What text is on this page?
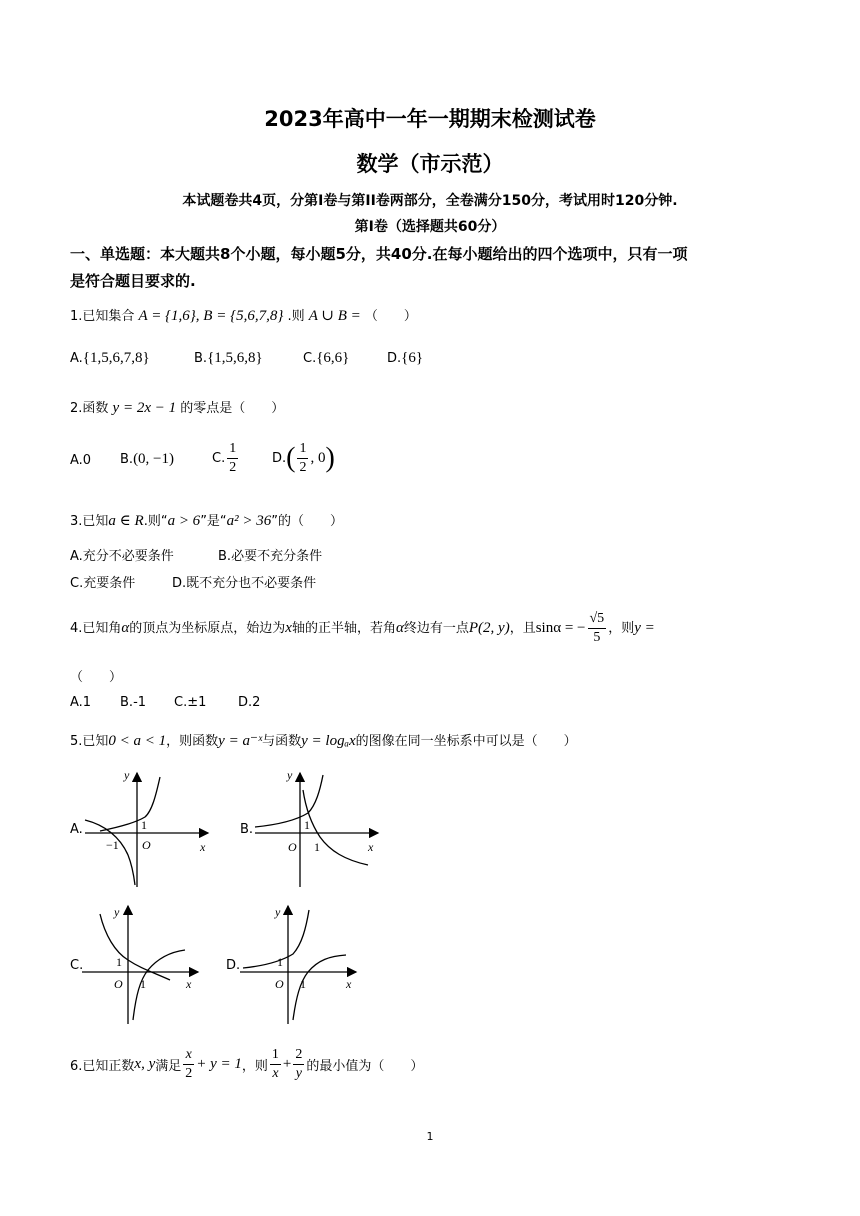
2023年高中一年一期期末检测试卷
数学（市示范）
本试题卷共4页，分第I卷与第II卷两部分，全卷满分150分，考试用时120分钟.
第I卷（选择题共60分）
一、单选题：本大题共8个小题，每小题5分，共40分.在每小题给出的四个选项中，只有一项
是符合题目要求的.
1.已知集合 A = {1,6}, B = {5,6,7,8} .则 A ∪ B = （　　）
A.{1,5,6,7,8}	B.{1,5,6,8}	C.{6,6}	D.{6}
2.函数 y = 2x − 1 的零点是（　　）
A.0 B.(0, −1)	C. $\frac{1}{2}$	$D.( \frac{1}{2}$ , 0)
3.已知a ∈ R.则“a > 6”是“a² > 36”的（　　）
A.充分不必要条件	B.必要不充分条件
C.充要条件	D.既不充分也不必要条件
4.已知角α的顶点为坐标原点，始边为x轴的正半轴，若角α终边有一点P(2, y)，且sinα = − $\frac{√5}{5}$ ，则y =
（　　）
A.1 B.-1 C.±1 D.2
5.已知0 < a < 1，则函数y = a⁻ˣ与函数y = logₐx的图像在同一坐标系中可以是（　　）
A.
y
x
O
1
−1
B.
y
x
O
1
1
C.
y
x
O
1
1
D.
y
x
O
1
1
6.已知正数x, y满足 $\frac{x}{2} + y = 1$，则 $\frac{1}{x} + \frac{2}{y}$ 的最小值为（　　）
1
